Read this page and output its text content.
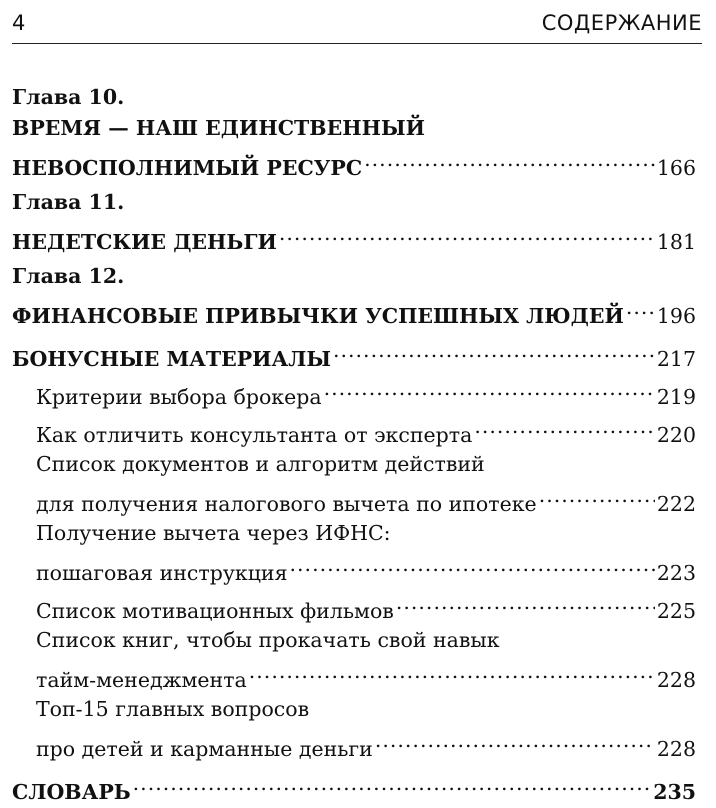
4	СОДЕРЖАНИЕ
Глава 10.
ВРЕМЯ — НАШ ЕДИНСТВЕННЫЙ
НЕВОСПОЛНИМЫЙ РЕСУРС .....	166
Глава 11.
НЕДЕТСКИЕ ДЕНЬГИ .....	181
Глава 12.
ФИНАНСОВЫЕ ПРИВЫЧКИ УСПЕШНЫХ ЛЮДЕЙ ..... 196
БОНУСНЫЕ МАТЕРИАЛЫ .....	217
Критерии выбора брокера .....	219
Как отличить консультанта от эксперта .....	220
Список документов и алгоритм действий
для получения налогового вычета по ипотеке .....	222
Получение вычета через ИФНС:
пошаговая инструкция .....	223
Список мотивационных фильмов .....	225
Список книг, чтобы прокачать свой навык
тайм-менеджмента .....	228
Топ-15 главных вопросов
про детей и карманные деньги .....	228
СЛОВАРЬ .....	235
